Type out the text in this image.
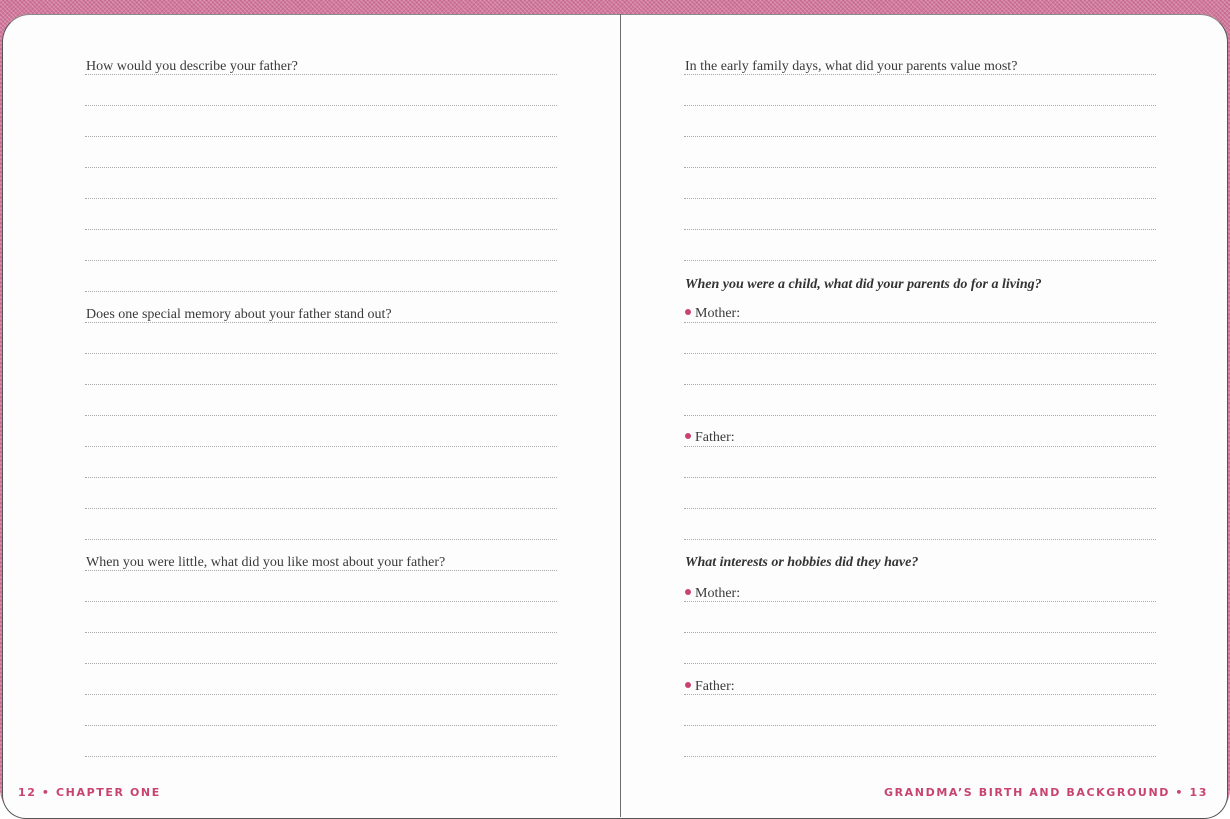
How would you describe your father?
Does one special memory about your father stand out?
When you were little, what did you like most about your father?
12 • CHAPTER ONE
In the early family days, what did your parents value most?
When you were a child, what did your parents do for a living?
Mother:
Father:
What interests or hobbies did they have?
Mother:
Father:
GRANDMA’S BIRTH AND BACKGROUND • 13
